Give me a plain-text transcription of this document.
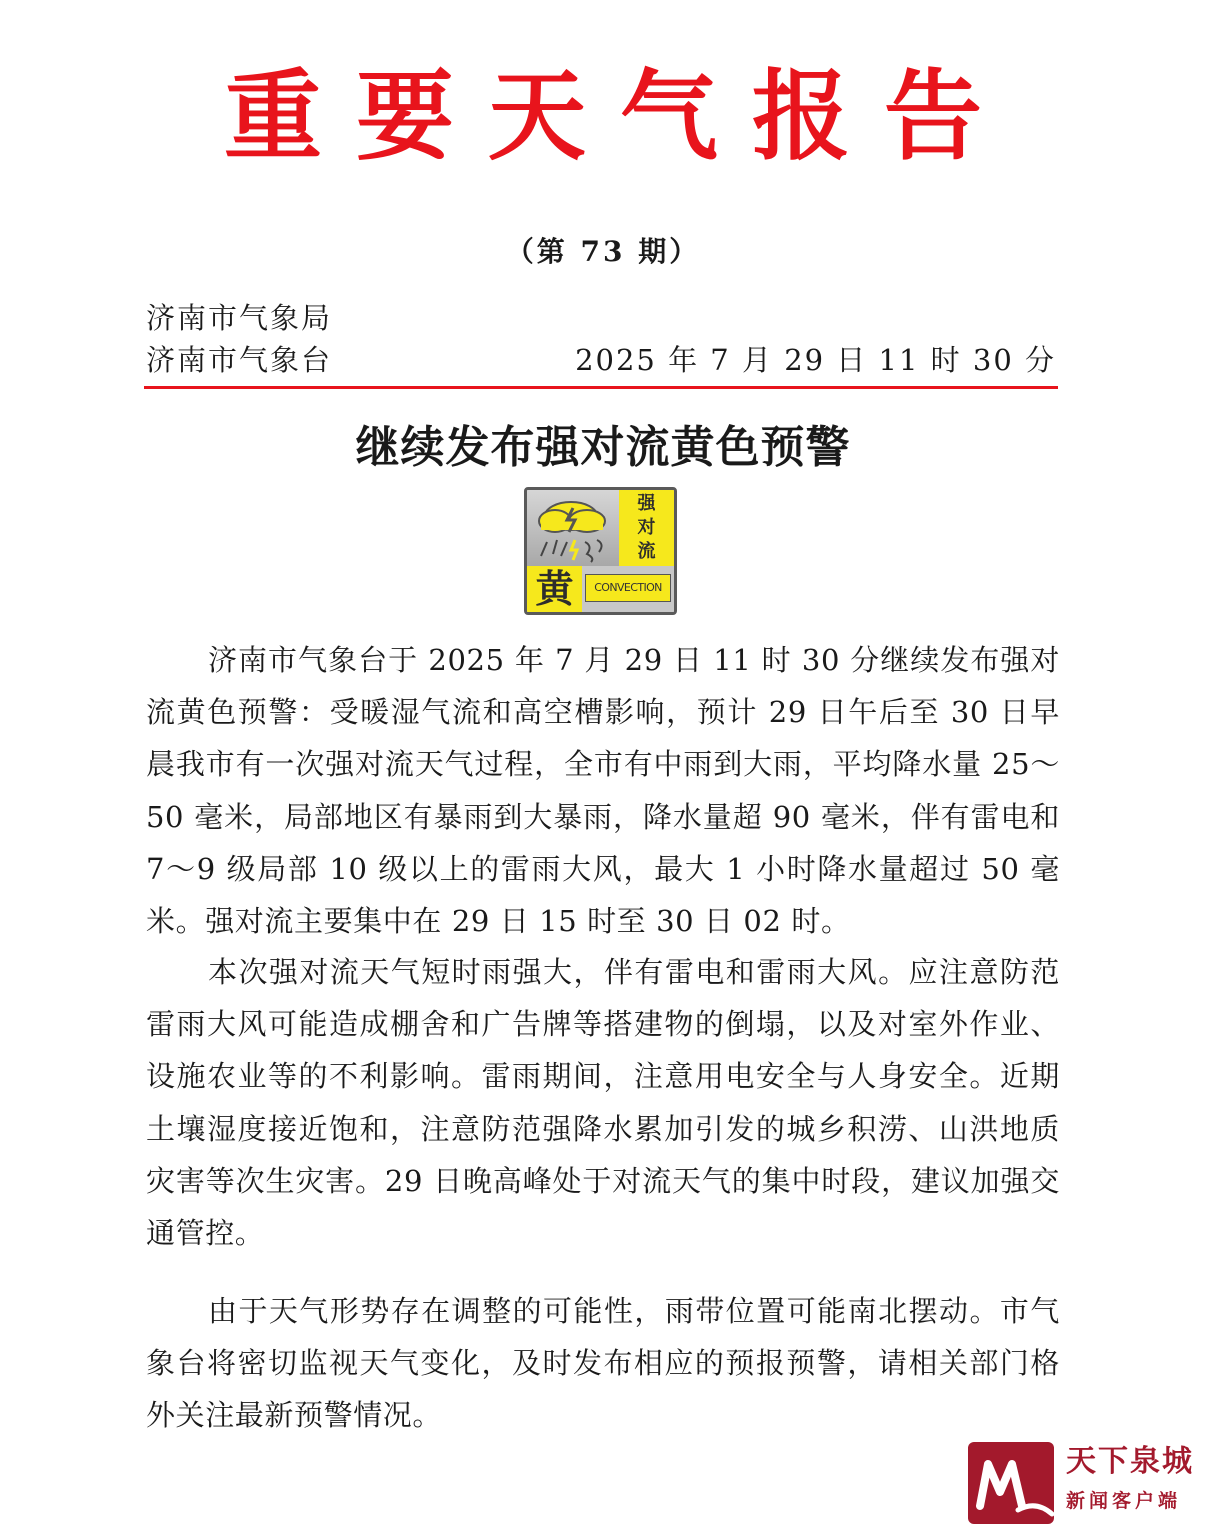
重要天气报告
（第 73 期）
济南市气象局
济南市气象台	2025 年 7 月 29 日 11 时 30 分
继续发布强对流黄色预警
强
对
流
黄	CONVECTION

济南市气象台于 2025 年 7 月 29 日 11 时 30 分继续发布强对流黄色预警：受暖湿气流和高空槽影响，预计 29 日午后至 30 日早晨我市有一次强对流天气过程，全市有中雨到大雨，平均降水量 25～50 毫米，局部地区有暴雨到大暴雨，降水量超 90 毫米，伴有雷电和 7～9 级局部 10 级以上的雷雨大风，最大 1 小时降水量超过 50 毫米。强对流主要集中在 29 日 15 时至 30 日 02 时。

本次强对流天气短时雨强大，伴有雷电和雷雨大风。应注意防范雷雨大风可能造成棚舍和广告牌等搭建物的倒塌，以及对室外作业、设施农业等的不利影响。雷雨期间，注意用电安全与人身安全。近期土壤湿度接近饱和，注意防范强降水累加引发的城乡积涝、山洪地质灾害等次生灾害。29 日晚高峰处于对流天气的集中时段，建议加强交通管控。

由于天气形势存在调整的可能性，雨带位置可能南北摆动。市气象台将密切监视天气变化，及时发布相应的预报预警，请相关部门格外关注最新预警情况。

天下泉城
新闻客户端
